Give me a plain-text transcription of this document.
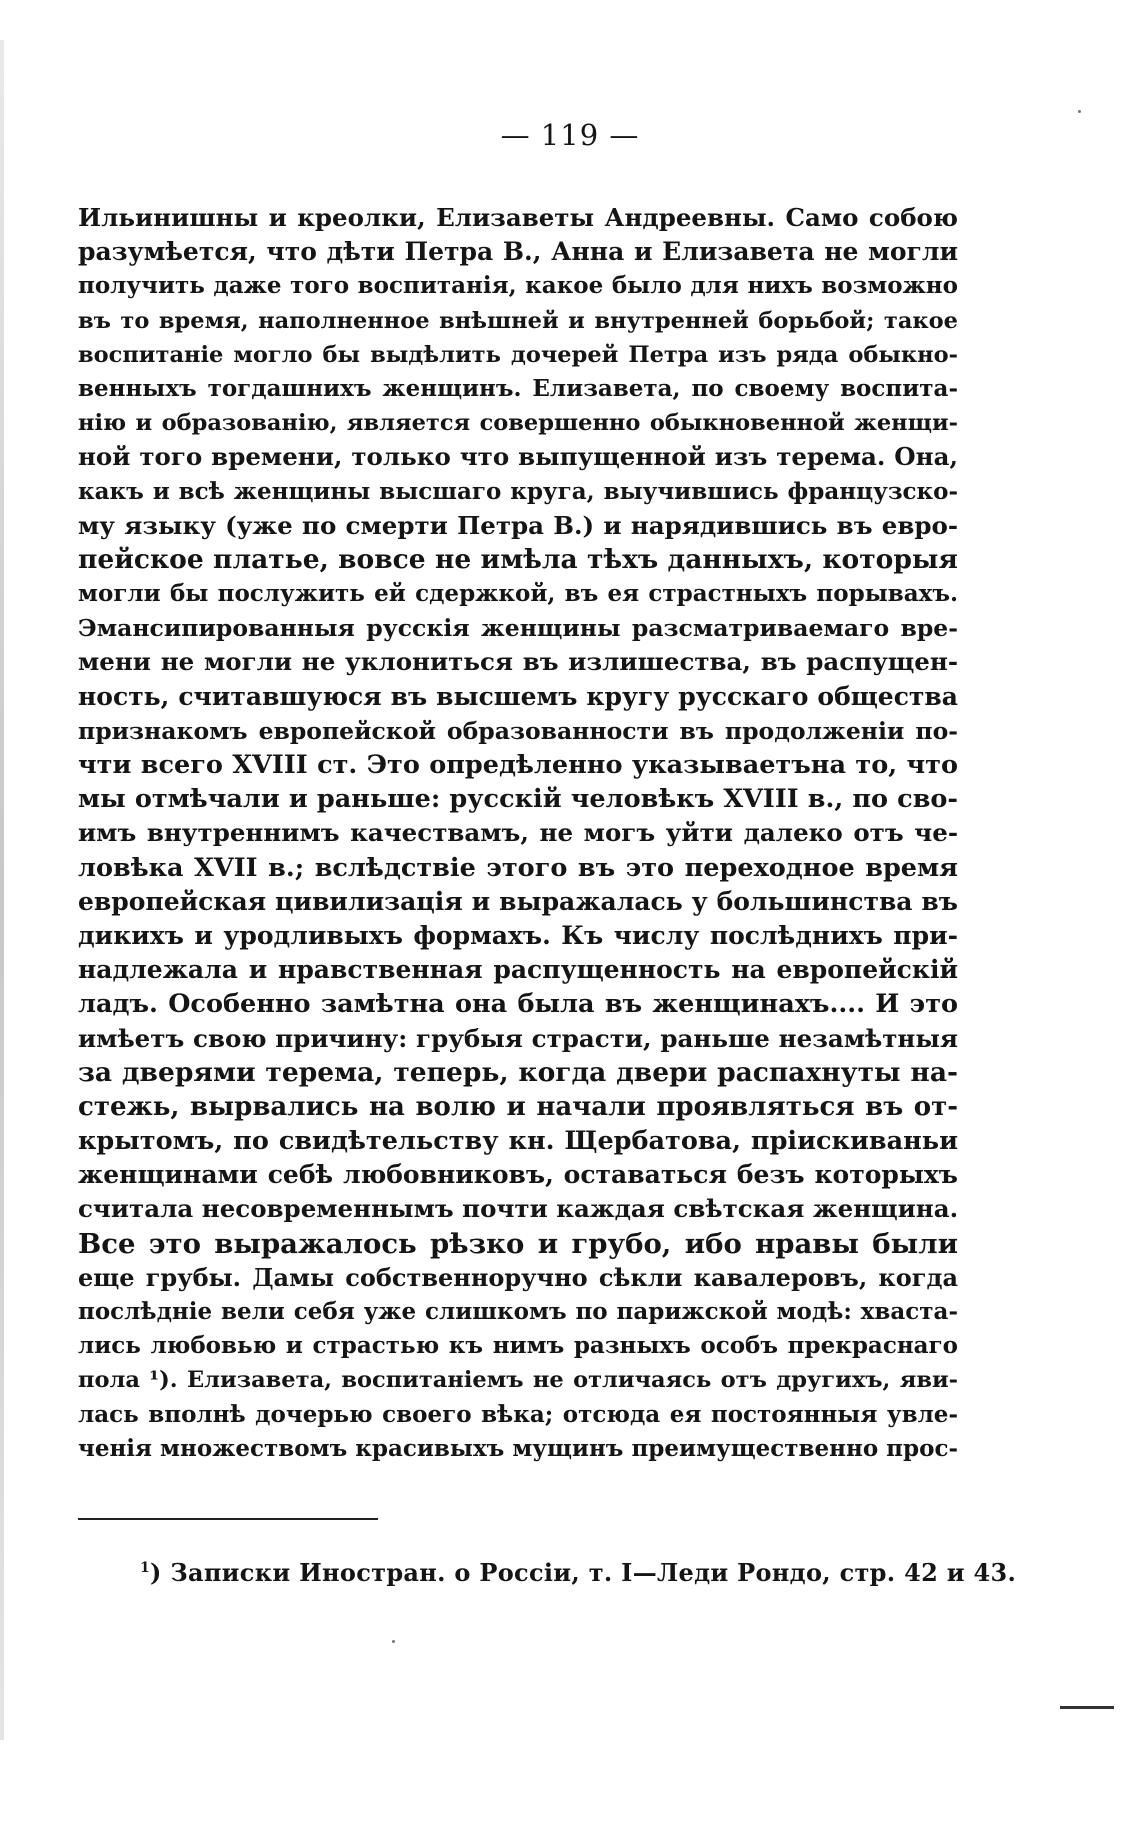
— 119 —
Ильинишны и креолки, Елизаветы Андреевны. Само собою
разумѣется, что дѣти Петра В., Анна и Елизавета не могли
получить даже того воспитанія, какое было для нихъ возможно
въ то время, наполненное внѣшней и внутренней борьбой; такое
воспитаніе могло бы выдѣлить дочерей Петра изъ ряда обыкно-
венныхъ тогдашнихъ женщинъ. Елизавета, по своему воспита-
нію и образованію, является совершенно обыкновенной женщи-
ной того времени, только что выпущенной изъ терема. Она,
какъ и всѣ женщины высшаго круга, выучившись французско-
му языку (уже по смерти Петра В.) и нарядившись въ евро-
пейское платье, вовсе не имѣла тѣхъ данныхъ, которыя
могли бы послужить ей сдержкой, въ ея страстныхъ порывахъ.
Эмансипированныя русскія женщины разсматриваемаго вре-
мени не могли не уклониться въ излишества, въ распущен-
ность, считавшуюся въ высшемъ кругу русскаго общества
признакомъ европейской образованности въ продолженіи по-
чти всего XVIII ст. Это опредѣленно указываетъна то, что
мы отмѣчали и раньше: русскій человѣкъ XVIII в., по сво-
имъ внутреннимъ качествамъ, не могъ уйти далеко отъ че-
ловѣка XVII в.; вслѣдствіе этого въ это переходное время
европейская цивилизація и выражалась у большинства въ
дикихъ и уродливыхъ формахъ. Къ числу послѣднихъ при-
надлежала и нравственная распущенность на европейскій
ладъ. Особенно замѣтна она была въ женщинахъ.... И это
имѣетъ свою причину: грубыя страсти, раньше незамѣтныя
за дверями терема, теперь, когда двери распахнуты на-
стежь, вырвались на волю и начали проявляться въ от-
крытомъ, по свидѣтельству кн. Щербатова, пріискиваньи
женщинами себѣ любовниковъ, оставаться безъ которыхъ
считала несовременнымъ почти каждая свѣтская женщина.
Все это выражалось рѣзко и грубо, ибо нравы были
еще грубы. Дамы собственноручно сѣкли кавалеровъ, когда
послѣдніе вели себя уже слишкомъ по парижской модѣ: хваста-
лись любовью и страстью къ нимъ разныхъ особъ прекраснаго
пола ¹). Елизавета, воспитаніемъ не отличаясь отъ другихъ, яви-
лась вполнѣ дочерью своего вѣка; отсюда ея постоянныя увле-
ченія множествомъ красивыхъ мущинъ преимущественно прос-
$^1$) Записки Иностран. о Россіи, т. I—Леди Рондо, стр. 42 и 43.
